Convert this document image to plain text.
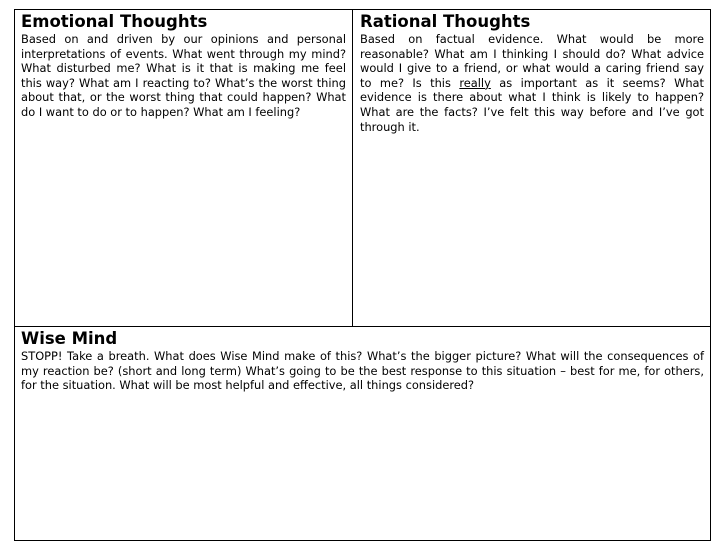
Emotional Thoughts

Based on and driven by our opinions and personal interpretations of events. What went through my mind? What disturbed me? What is it that is making me feel this way? What am I reacting to? What’s the worst thing about that, or the worst thing that could happen? What do I want to do or to happen? What am I feeling?

Rational Thoughts

Based on factual evidence. What would be more reasonable? What am I thinking I should do? What advice would I give to a friend, or what would a caring friend say to me? Is this really as important as it seems? What evidence is there about what I think is likely to happen? What are the facts? I’ve felt this way before and I’ve got through it.

Wise Mind

STOPP! Take a breath. What does Wise Mind make of this? What’s the bigger picture? What will the consequences of my reaction be? (short and long term) What’s going to be the best response to this situation – best for me, for others, for the situation. What will be most helpful and effective, all things considered?
